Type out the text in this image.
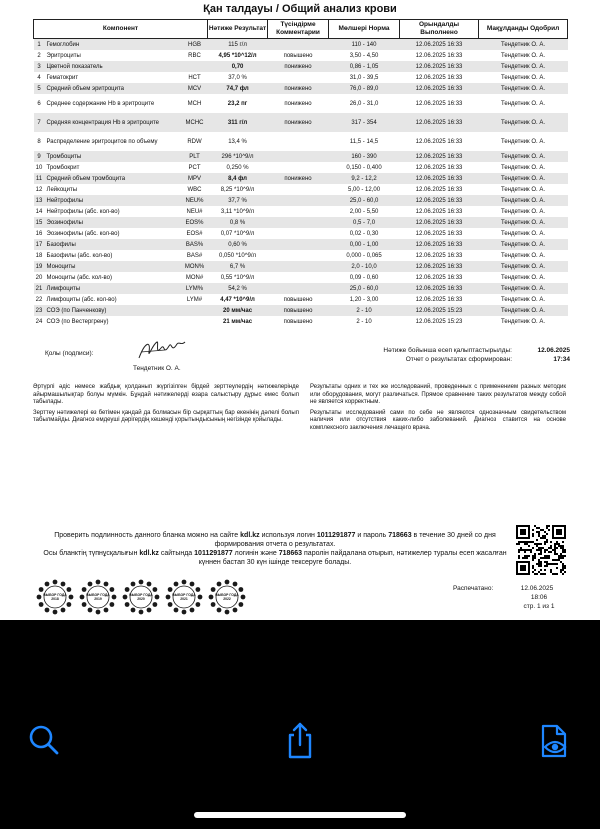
Қан талдауы / Общий анализ крови
Компонент			Нәтиже Результат	Түсіндірме Комментарии	Мөлшері Норма	Орындалды Выполнено	Мақұлданды Одобрил
1	Гемоглобин	HGB	115 г/л		110 - 140	12.06.2025 16:33	Тендетник О. А.
2	Эритроциты	RBC	4,95 *10^12/л	повышено	3,50 - 4,50	12.06.2025 16:33	Тендетник О. А.
3	Цветной показатель		0,70	понижено	0,86 - 1,05	12.06.2025 16:33	Тендетник О. А.
4	Гематокрит	HCT	37,0 %		31,0 - 39,5	12.06.2025 16:33	Тендетник О. А.
5	Средний объем эритроцита	MCV	74,7 фл	понижено	76,0 - 89,0	12.06.2025 16:33	Тендетник О. А.
6	Среднее содержание Hb в эритроците	MCH	23,2 пг	понижено	26,0 - 31,0	12.06.2025 16:33	Тендетник О. А.
7	Средняя концентрация Hb в эритроците	MCHC	311 г/л	понижено	317 - 354	12.06.2025 16:33	Тендетник О. А.
8	Распределение эритроцитов по объему	RDW	13,4 %		11,5 - 14,5	12.06.2025 16:33	Тендетник О. А.
9	Тромбоциты	PLT	296 *10^9/л		160 - 390	12.06.2025 16:33	Тендетник О. А.
10	Тромбокрит	PCT	0,250 %		0,150 - 0,400	12.06.2025 16:33	Тендетник О. А.
11	Средний объем тромбоцита	MPV	8,4 фл	понижено	9,2 - 12,2	12.06.2025 16:33	Тендетник О. А.
12	Лейкоциты	WBC	8,25 *10^9/л		5,00 - 12,00	12.06.2025 16:33	Тендетник О. А.
13	Нейтрофилы	NEU%	37,7 %		25,0 - 60,0	12.06.2025 16:33	Тендетник О. А.
14	Нейтрофилы (абс. кол-во)	NEU#	3,11 *10^9/л		2,00 - 5,50	12.06.2025 16:33	Тендетник О. А.
15	Эозинофилы	EOS%	0,8 %		0,5 - 7,0	12.06.2025 16:33	Тендетник О. А.
16	Эозинофилы (абс. кол-во)	EOS#	0,07 *10^9/л		0,02 - 0,30	12.06.2025 16:33	Тендетник О. А.
17	Базофилы	BAS%	0,60 %		0,00 - 1,00	12.06.2025 16:33	Тендетник О. А.
18	Базофилы (абс. кол-во)	BAS#	0,050 *10^9/л		0,000 - 0,065	12.06.2025 16:33	Тендетник О. А.
19	Моноциты	MON%	6,7 %		2,0 - 10,0	12.06.2025 16:33	Тендетник О. А.
20	Моноциты (абс. кол-во)	MON#	0,55 *10^9/л		0,09 - 0,60	12.06.2025 16:33	Тендетник О. А.
21	Лимфоциты	LYM%	54,2 %		25,0 - 60,0	12.06.2025 16:33	Тендетник О. А.
22	Лимфоциты (абс. кол-во)	LYM#	4,47 *10^9/л	повышено	1,20 - 3,00	12.06.2025 16:33	Тендетник О. А.
23	СОЭ (по Панченкову)		20 мм/час	повышено	2 - 10	12.06.2025 15:23	Тендетник О. А.
24	СОЭ (по Вестергрену)		21 мм/час	повышено	2 - 10	12.06.2025 15:23	Тендетник О. А.
Қолы (подписи):
Тендетник О. А.
Нәтиже бойынша есеп қалыптастырылды:	12.06.2025
Отчет о результатах сформирован:	17:34

Әртүрлі әдіс немесе жабдық қолданып жүргізілген бірдей зерттеулердің нәтижелерінде айырмашылықтар болуы мүмкін. Бұндай нәтижелерді өзара салыстыру дұрыс емес болып табылады.

Зерттеу нәтижелері өз бетімен қандай да болмасын бір сырқаттың бар екенінің дәлелі болып табылмайды. Диагноз емдеуші дәрігердің кешенді қорытындысының негізінде қойылады.

Результаты одних и тех же исследований, проведенных с применением разных методик или оборудования, могут различаться. Прямое сравнение таких результатов между собой не является корректным.

Результаты исследований сами по себе не являются однозначным свидетельством наличия или отсутствия каких-либо заболеваний. Диагноз ставится на основе комплексного заключения лечащего врача.

Проверить подлинность данного бланка можно на сайте kdl.kz используя логин 1011291877 и пароль 718663 в течение 30 дней со дня формирования отчета о результатах.
Осы бланктің түпнұсқалығын kdl.kz сайтында 1011291877 логинін және 718663 паролін пайдалана отырып, нәтижелер туралы есеп жасалған күннен бастап 30 күн ішінде тексеруге болады.
ВЫБОР ГОДА
2018
ВЫБОР ГОДА
2019
ВЫБОР ГОДА
2020
ВЫБОР ГОДА
2021
ВЫБОР ГОДА
2022
Распечатано:	12.06.2025
18:06
стр. 1 из 1
